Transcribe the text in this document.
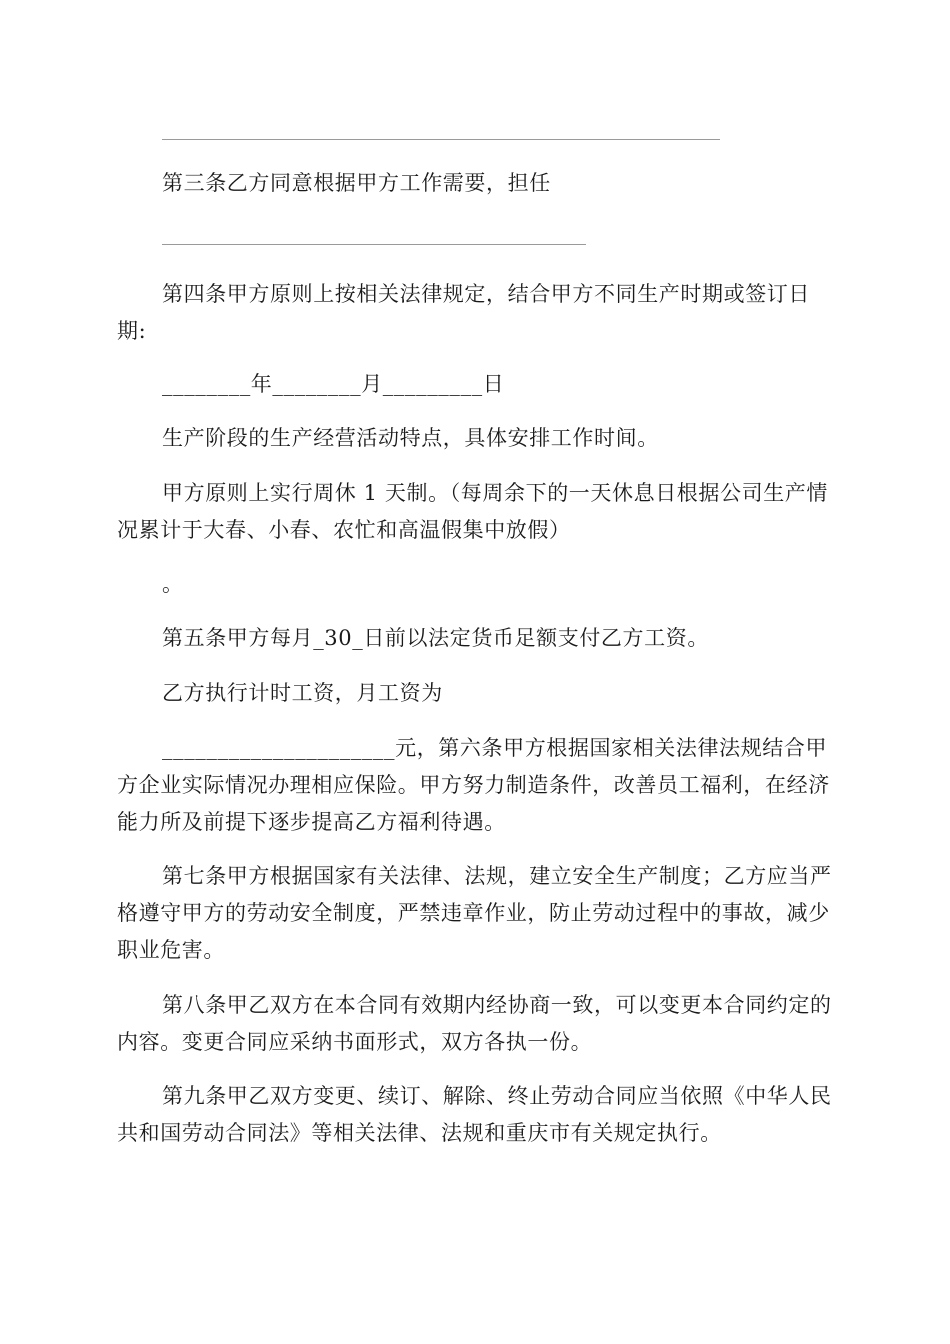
第三条乙方同意根据甲方工作需要，担任
第四条甲方原则上按相关法律规定，结合甲方不同生产时期或签订日期:
________年________月_________日
生产阶段的生产经营活动特点，具体安排工作时间。
甲方原则上实行周休 1 天制。（每周余下的一天休息日根据公司生产情况累计于大春、小春、农忙和高温假集中放假）
。
第五条甲方每月_30_日前以法定货币足额支付乙方工资。
乙方执行计时工资，月工资为
_____________________元，第六条甲方根据国家相关法律法规结合甲方企业实际情况办理相应保险。甲方努力制造条件，改善员工福利，在经济能力所及前提下逐步提高乙方福利待遇。
第七条甲方根据国家有关法律、法规，建立安全生产制度；乙方应当严格遵守甲方的劳动安全制度，严禁违章作业，防止劳动过程中的事故，减少职业危害。
第八条甲乙双方在本合同有效期内经协商一致，可以变更本合同约定的内容。变更合同应采纳书面形式，双方各执一份。
第九条甲乙双方变更、续订、解除、终止劳动合同应当依照《中华人民共和国劳动合同法》等相关法律、法规和重庆市有关规定执行。
